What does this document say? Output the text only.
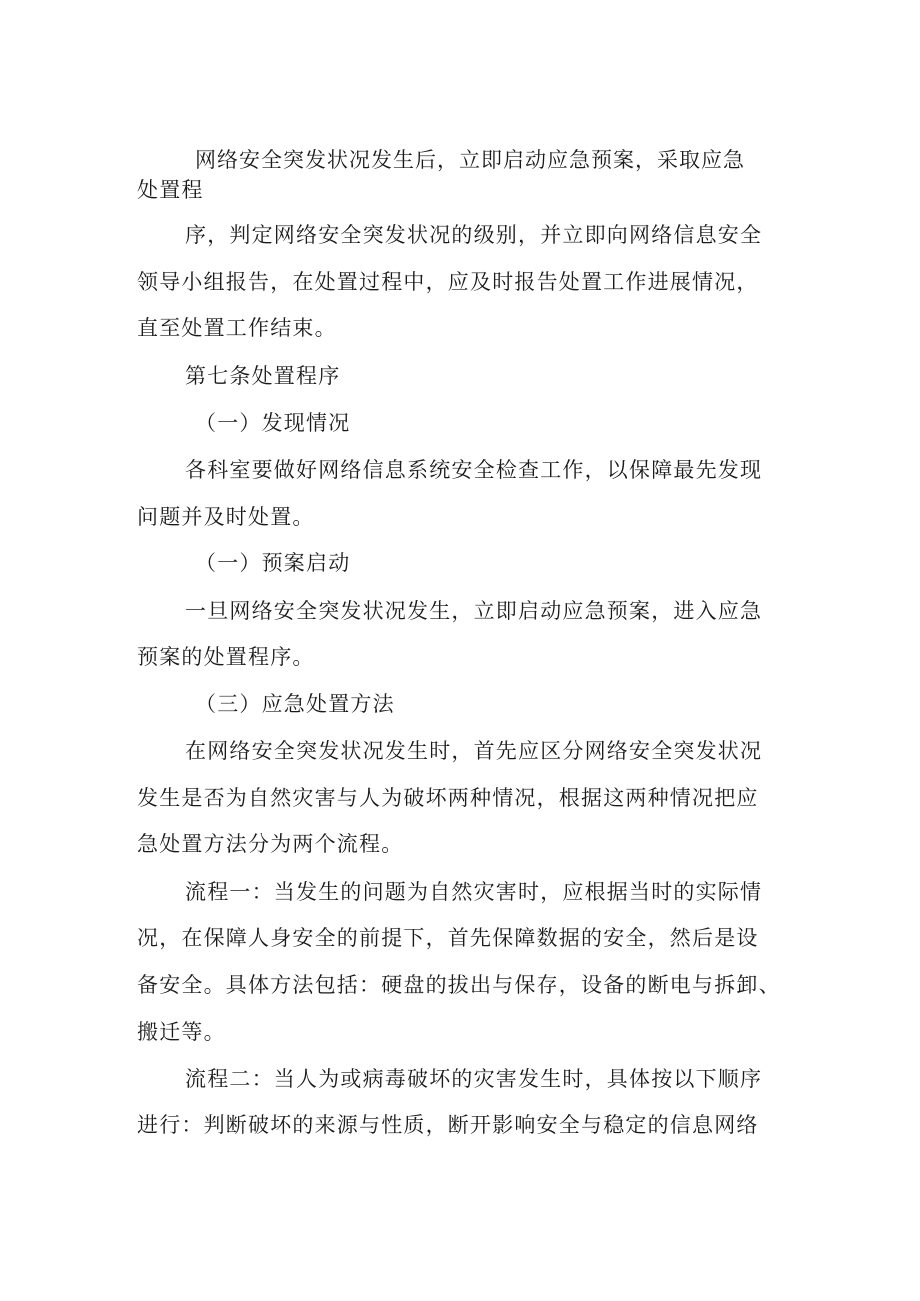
网络安全突发状况发生后，立即启动应急预案，采取应急
处置程
序，判定网络安全突发状况的级别，并立即向网络信息安全
领导小组报告，在处置过程中，应及时报告处置工作进展情况，
直至处置工作结束。
第七条处置程序
（一）发现情况
各科室要做好网络信息系统安全检查工作，以保障最先发现
问题并及时处置。
（一）预案启动
一旦网络安全突发状况发生，立即启动应急预案，进入应急
预案的处置程序。
（三）应急处置方法
在网络安全突发状况发生时，首先应区分网络安全突发状况
发生是否为自然灾害与人为破坏两种情况，根据这两种情况把应
急处置方法分为两个流程。
流程一：当发生的问题为自然灾害时，应根据当时的实际情
况，在保障人身安全的前提下，首先保障数据的安全，然后是设
备安全。具体方法包括：硬盘的拔出与保存，设备的断电与拆卸、
搬迁等。
流程二：当人为或病毒破坏的灾害发生时，具体按以下顺序
进行：判断破坏的来源与性质，断开影响安全与稳定的信息网络
